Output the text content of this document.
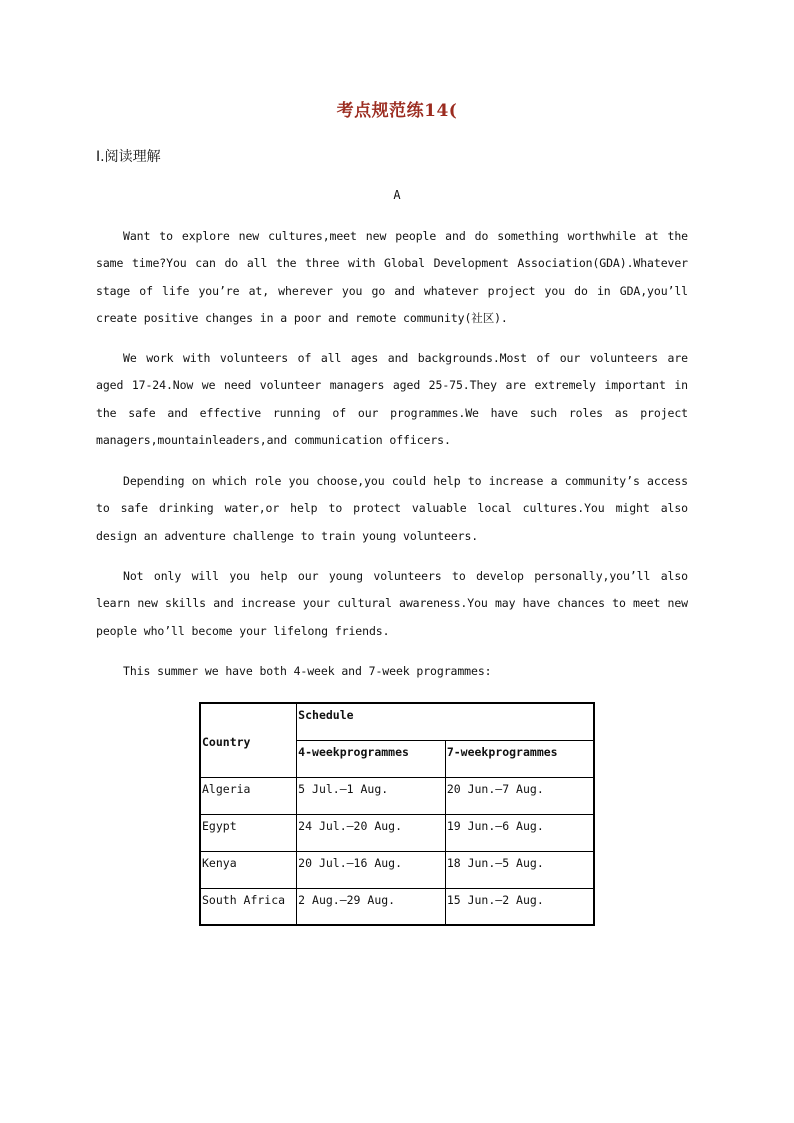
考点规范练14(
Ⅰ.阅读理解
A

Want to explore new cultures,meet new people and do something worthwhile at the same time?You can do all the three with Global Development Association(GDA).Whatever stage of life you’re at, wherever you go and whatever project you do in GDA,you’ll create positive changes in a poor and remote community(社区).

We work with volunteers of all ages and backgrounds.Most of our volunteers are aged 17-24.Now we need volunteer managers aged 25-75.They are extremely important in the safe and effective running of our programmes.We have such roles as project managers,mountainleaders,and communication officers.

Depending on which role you choose,you could help to increase a community’s access to safe drinking water,or help to protect valuable local cultures.You might also design an adventure challenge to train young volunteers.

Not only will you help our young volunteers to develop personally,you’ll also learn new skills and increase your cultural awareness.You may have chances to meet new people who’ll become your lifelong friends.

This summer we have both 4-week and 7-week programmes:

Country	Schedule	
	4-weekprogrammes	7-weekprogrammes
Algeria	5 Jul.—1 Aug.	20 Jun.—7 Aug.
Egypt	24 Jul.—20 Aug.	19 Jun.—6 Aug.
Kenya	20 Jul.—16 Aug.	18 Jun.—5 Aug.
South Africa	2 Aug.—29 Aug.	15 Jun.—2 Aug.
